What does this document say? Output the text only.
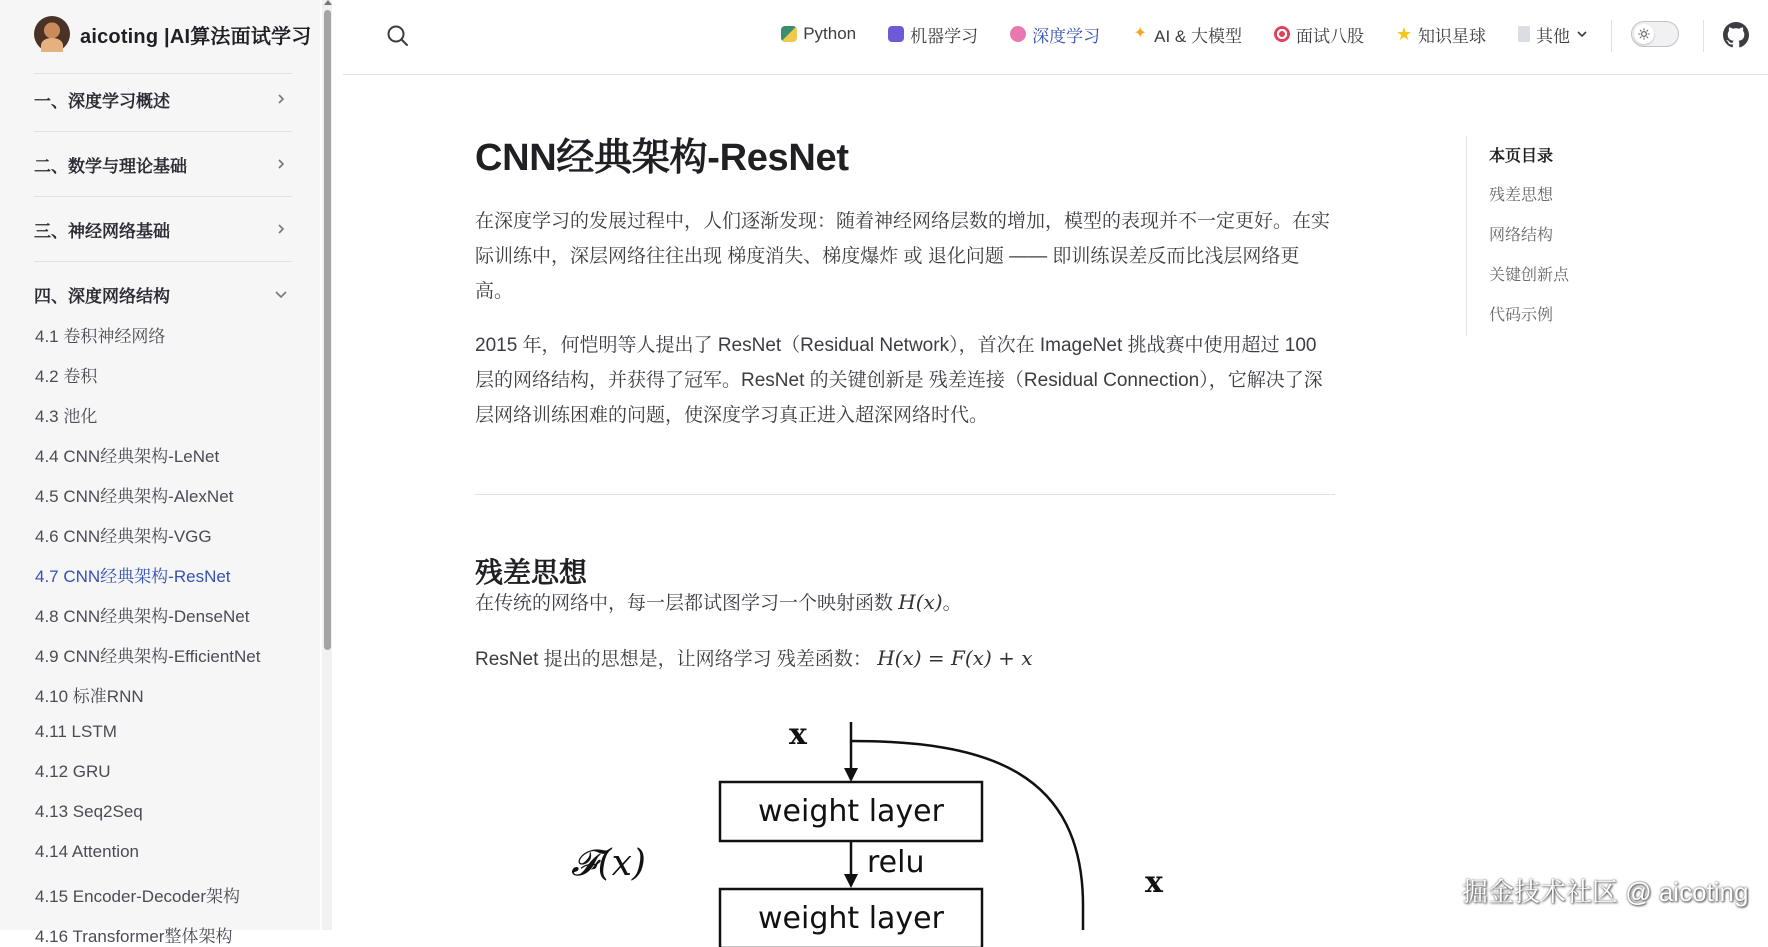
aicoting |AI算法面试学习
一、深度学习概述
二、数学与理论基础
三、神经网络基础
四、深度网络结构
4.1 卷积神经网络
4.2 卷积
4.3 池化
4.4 CNN经典架构-LeNet
4.5 CNN经典架构-AlexNet
4.6 CNN经典架构-VGG
4.7 CNN经典架构-ResNet
4.8 CNN经典架构-DenseNet
4.9 CNN经典架构-EfficientNet
4.10 标准RNN
4.11 LSTM
4.12 GRU
4.13 Seq2Seq
4.14 Attention
4.15 Encoder-Decoder架构
4.16 Transformer整体架构
Python	机器学习	深度学习 ✦ AI & 大模型	面试八股 ★ 知识星球	其他
CNN经典架构-ResNet

在深度学习的发展过程中，人们逐渐发现：随着神经网络层数的增加，模型的表现并不一定更好。在实际训练中，深层网络往往出现 梯度消失、梯度爆炸 或 退化问题 —— 即训练误差反而比浅层网络更高。

2015 年，何恺明等人提出了 ResNet（Residual Network），首次在 ImageNet 挑战赛中使用超过 100 层的网络结构，并获得了冠军。ResNet 的关键创新是 残差连接（Residual Connection），它解决了深层网络训练困难的问题，使深度学习真正进入超深网络时代。

残差思想

在传统的网络中，每一层都试图学习一个映射函数 H(x)。

ResNet 提出的思想是，让网络学习 残差函数： H(x) = F(x) + x

x
weight layer
relu
𝓕(x)
weight layer
x
本页目录
残差思想
网络结构
关键创新点
代码示例
掘金技术社区 @ aicoting
